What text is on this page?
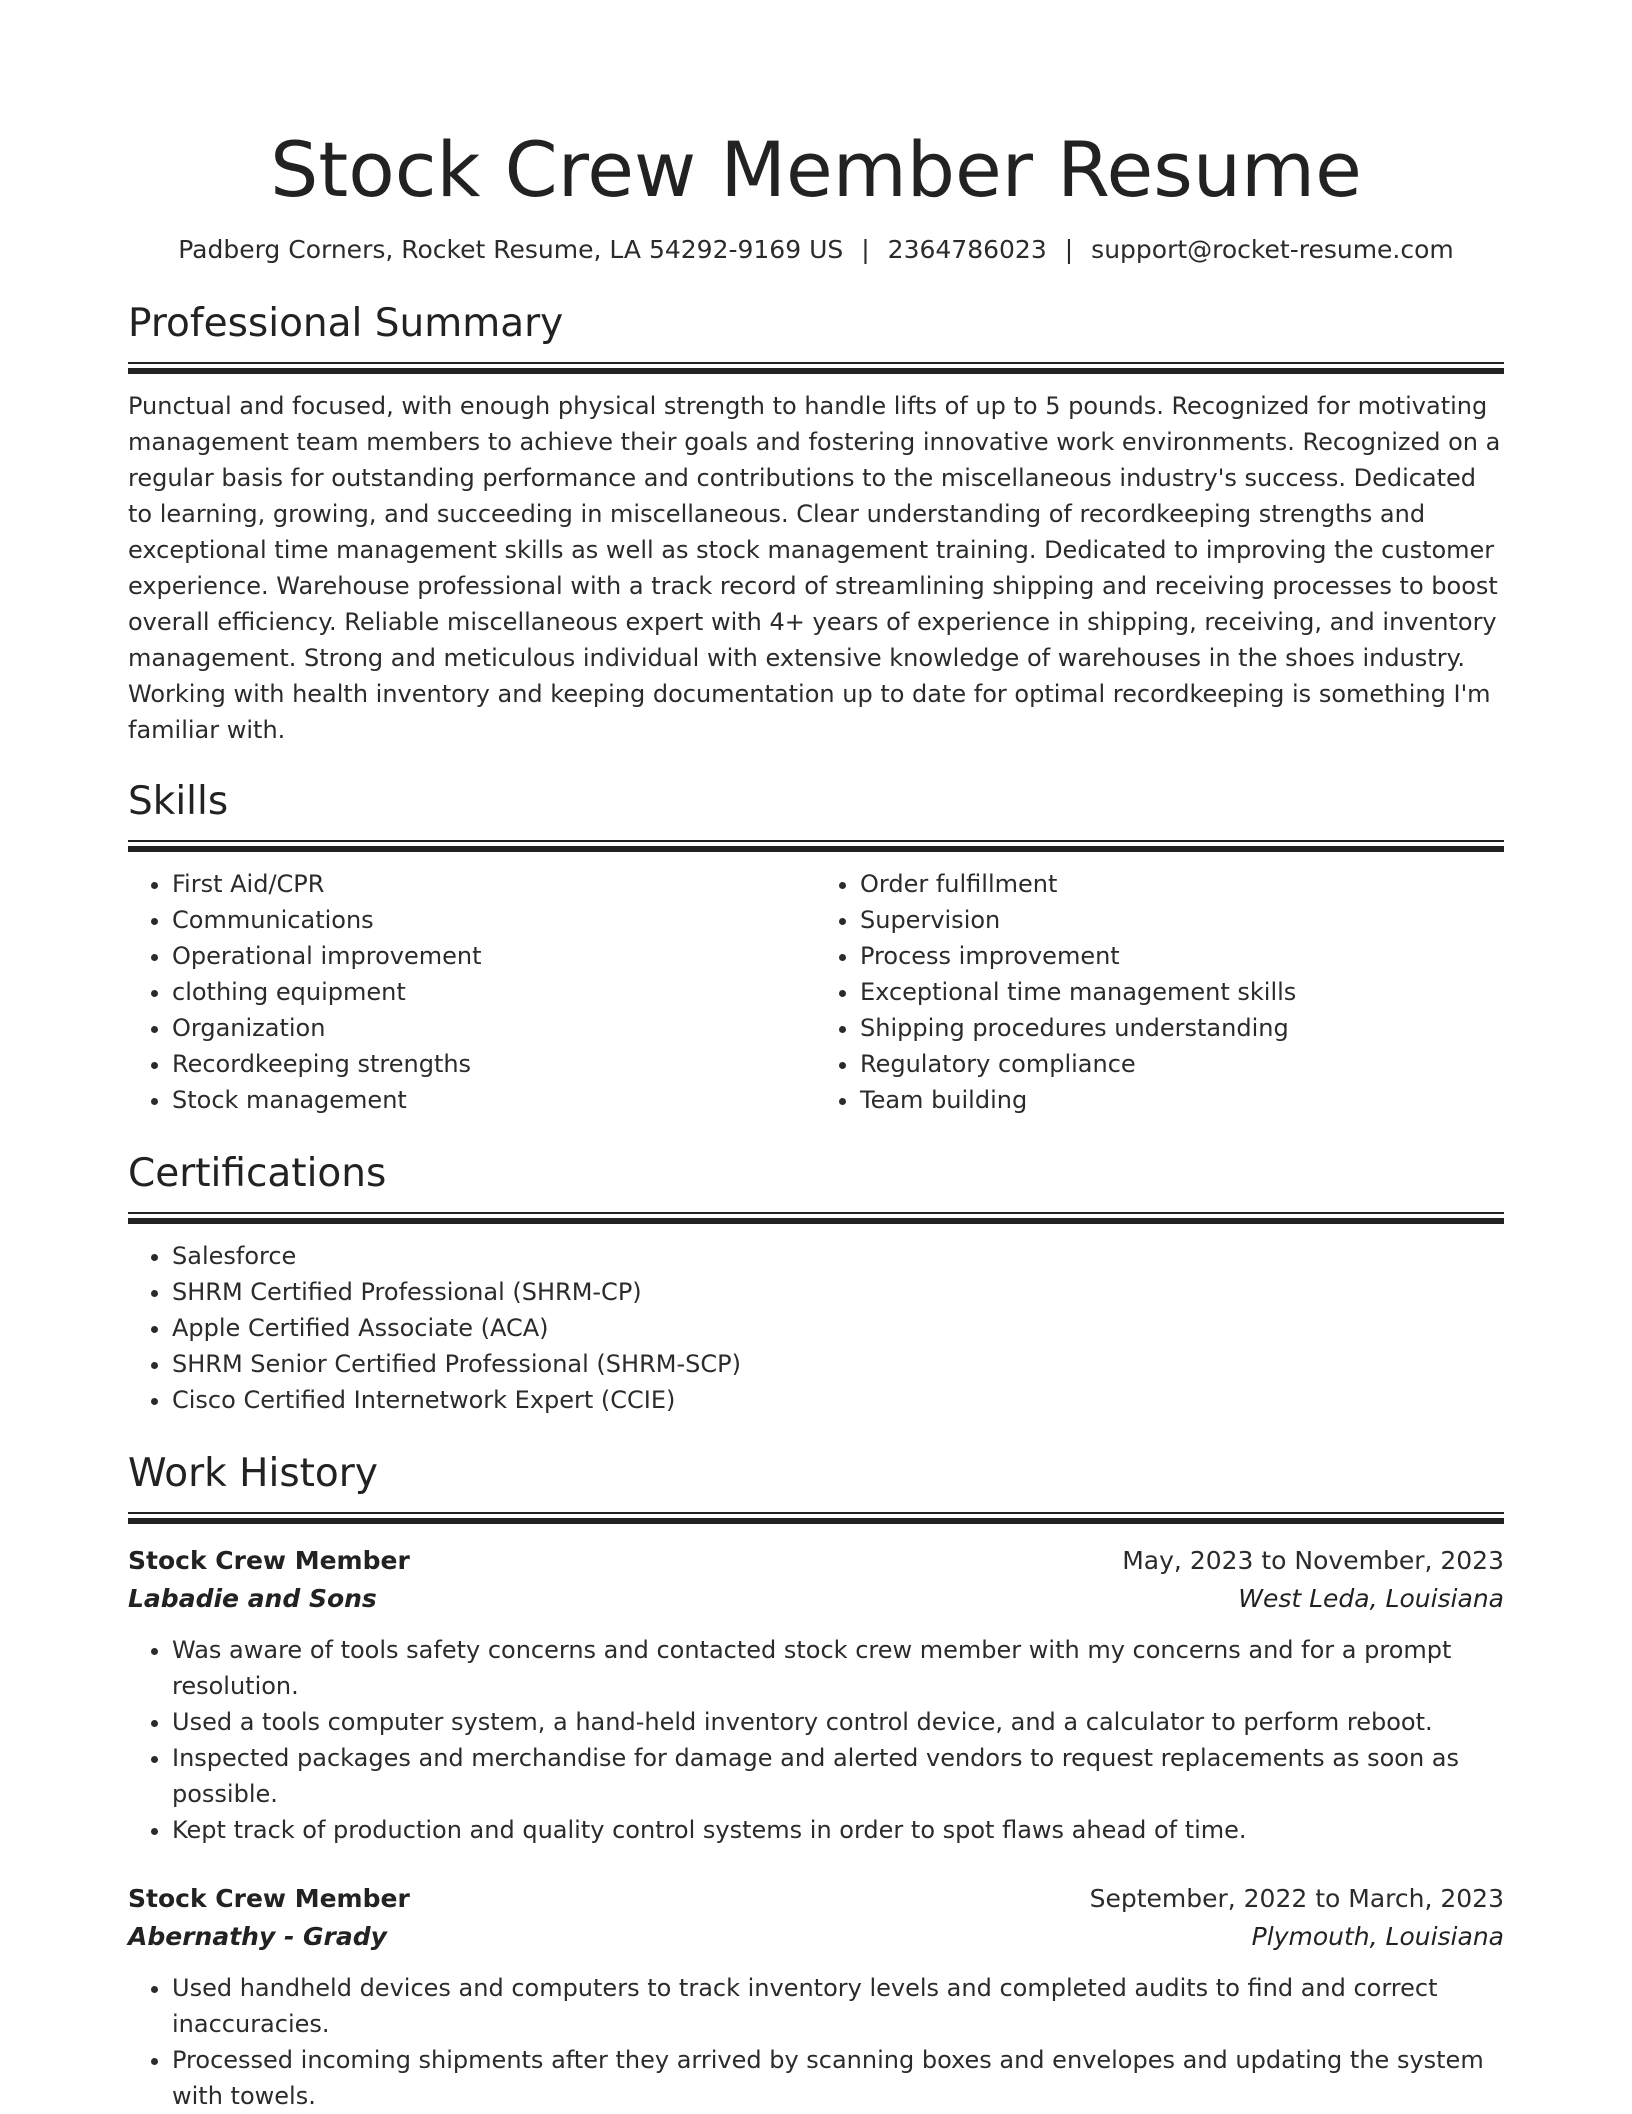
Stock Crew Member Resume
Padberg Corners, Rocket Resume, LA 54292-9169 US | 2364786023 | support@rocket-resume.com
Professional Summary
Punctual and focused, with enough physical strength to handle lifts of up to 5 pounds. Recognized for motivating management team members to achieve their goals and fostering innovative work environments. Recognized on a regular basis for outstanding performance and contributions to the miscellaneous industry's success. Dedicated to learning, growing, and succeeding in miscellaneous. Clear understanding of recordkeeping strengths and exceptional time management skills as well as stock management training. Dedicated to improving the customer experience. Warehouse professional with a track record of streamlining shipping and receiving processes to boost overall efficiency. Reliable miscellaneous expert with 4+ years of experience in shipping, receiving, and inventory management. Strong and meticulous individual with extensive knowledge of warehouses in the shoes industry. Working with health inventory and keeping documentation up to date for optimal recordkeeping is something I'm familiar with.
Skills
• First Aid/CPR
• Communications
• Operational improvement
• clothing equipment
• Organization
• Recordkeeping strengths
• Stock management
• Order fulfillment
• Supervision
• Process improvement
• Exceptional time management skills
• Shipping procedures understanding
• Regulatory compliance
• Team building
Certifications
• Salesforce
• SHRM Certified Professional (SHRM-CP)
• Apple Certified Associate (ACA)
• SHRM Senior Certified Professional (SHRM-SCP)
• Cisco Certified Internetwork Expert (CCIE)
Work History
Stock Crew Member	May, 2023 to November, 2023
Labadie and Sons	West Leda, Louisiana
• Was aware of tools safety concerns and contacted stock crew member with my concerns and for a prompt resolution.
• Used a tools computer system, a hand-held inventory control device, and a calculator to perform reboot.
• Inspected packages and merchandise for damage and alerted vendors to request replacements as soon as possible.
• Kept track of production and quality control systems in order to spot flaws ahead of time.
Stock Crew Member	September, 2022 to March, 2023
Abernathy - Grady	Plymouth, Louisiana
• Used handheld devices and computers to track inventory levels and completed audits to find and correct inaccuracies.
• Processed incoming shipments after they arrived by scanning boxes and envelopes and updating the system with towels.
